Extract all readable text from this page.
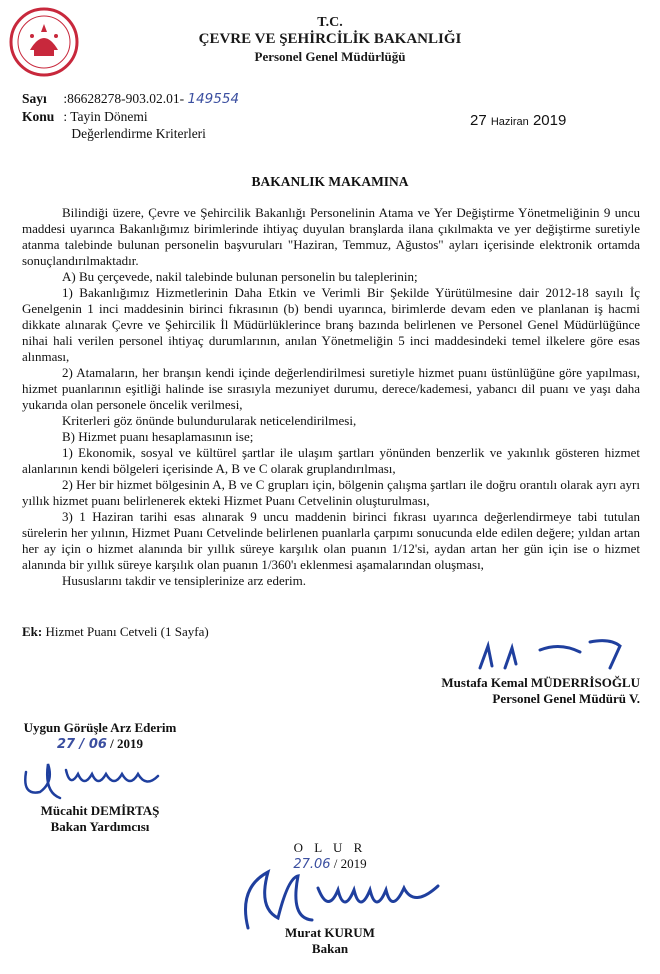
T.C.
ÇEVRE VE ŞEHİRCİLİK BAKANLIĞI
Personel Genel Müdürlüğü
Sayı :86628278-903.02.01- 149554
Konu : Tayin Dönemi
Değerlendirme Kriterleri
27 Haziran 2019
BAKANLIK MAKAMINA

Bilindiği üzere, Çevre ve Şehircilik Bakanlığı Personelinin Atama ve Yer Değiştirme Yönetmeliğinin 9 uncu maddesi uyarınca Bakanlığımız birimlerinde ihtiyaç duyulan branşlarda ilana çıkılmakta ve yer değiştirme suretiyle atanma talebinde bulunan personelin başvuruları "Haziran, Temmuz, Ağustos" ayları içerisinde elektronik ortamda sonuçlandırılmaktadır.

A) Bu çerçevede, nakil talebinde bulunan personelin bu taleplerinin;

1) Bakanlığımız Hizmetlerinin Daha Etkin ve Verimli Bir Şekilde Yürütülmesine dair 2012-18 sayılı İç Genelgenin 1 inci maddesinin birinci fıkrasının (b) bendi uyarınca, birimlerde devam eden ve planlanan iş hacmi dikkate alınarak Çevre ve Şehircilik İl Müdürlüklerince branş bazında belirlenen ve Personel Genel Müdürlüğünce nihai hali verilen personel ihtiyaç durumlarının, anılan Yönetmeliğin 5 inci maddesindeki temel ilkelere göre esas alınması,

2) Atamaların, her branşın kendi içinde değerlendirilmesi suretiyle hizmet puanı üstünlüğüne göre yapılması, hizmet puanlarının eşitliği halinde ise sırasıyla mezuniyet durumu, derece/kademesi, yabancı dil puanı ve yaşı daha yukarıda olan personele öncelik verilmesi,

Kriterleri göz önünde bulundurularak neticelendirilmesi,

B) Hizmet puanı hesaplamasının ise;

1) Ekonomik, sosyal ve kültürel şartlar ile ulaşım şartları yönünden benzerlik ve yakınlık gösteren hizmet alanlarının kendi bölgeleri içerisinde A, B ve C olarak gruplandırılması,

2) Her bir hizmet bölgesinin A, B ve C grupları için, bölgenin çalışma şartları ile doğru orantılı olarak ayrı ayrı yıllık hizmet puanı belirlenerek ekteki Hizmet Puanı Cetvelinin oluşturulması,

3) 1 Haziran tarihi esas alınarak 9 uncu maddenin birinci fıkrası uyarınca değerlendirmeye tabi tutulan sürelerin her yılının, Hizmet Puanı Cetvelinde belirlenen puanlarla çarpımı sonucunda elde edilen değere; yıldan artan her ay için o hizmet alanında bir yıllık süreye karşılık olan puanın 1/12'si, aydan artan her gün için ise o hizmet alanında bir yıllık süreye karşılık olan puanın 1/360'ı eklenmesi aşamalarından oluşması,

Hususlarını takdir ve tensiplerinize arz ederim.

Ek: Hizmet Puanı Cetveli (1 Sayfa)
Mustafa Kemal MÜDERRİSOĞLU
Personel Genel Müdürü V.
Uygun Görüşle Arz Ederim
27 / 06 / 2019
Mücahit DEMİRTAŞ
Bakan Yardımcısı
O L U R
27.06 / 2019
Murat KURUM
Bakan
